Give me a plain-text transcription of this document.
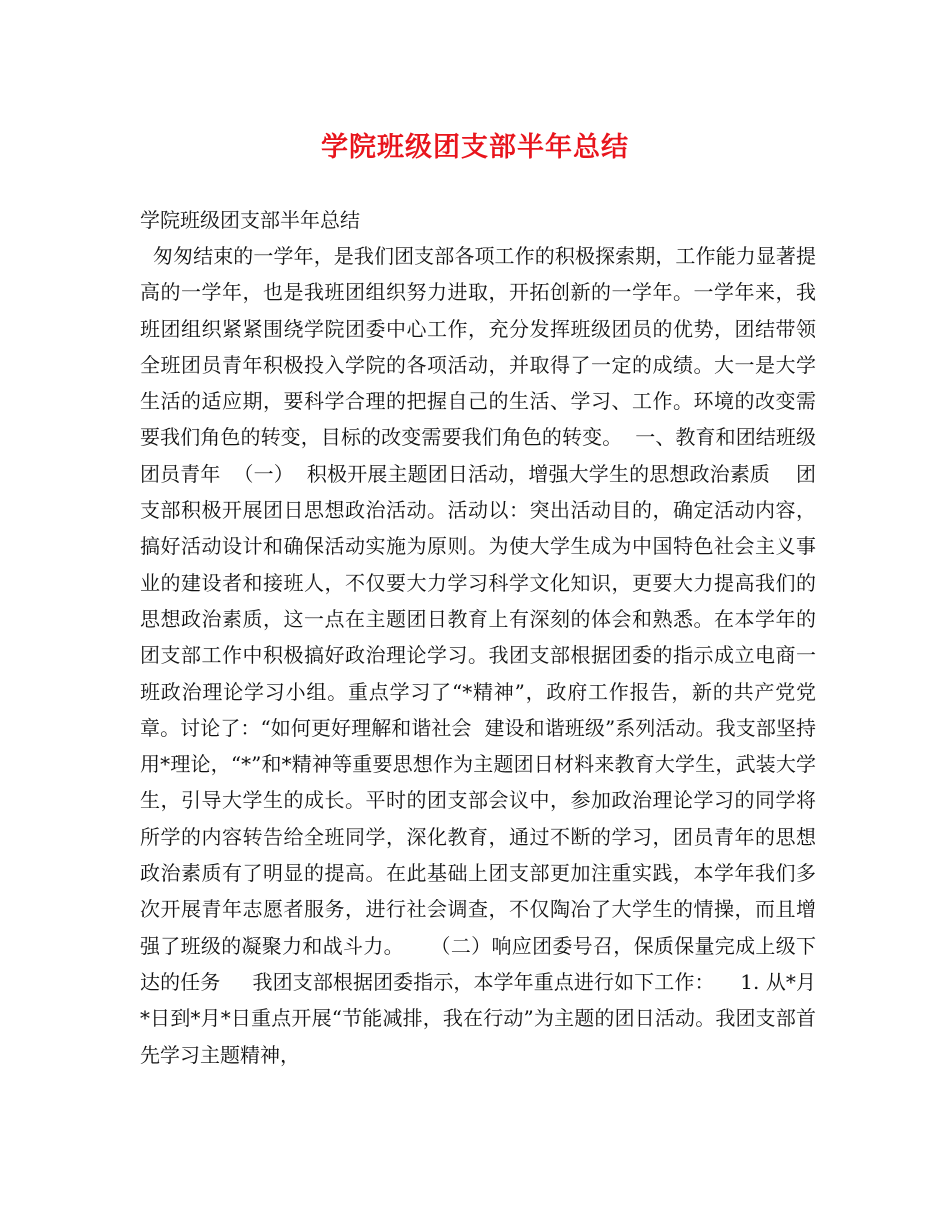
学院班级团支部半年总结
学院班级团支部半年总结
匆匆结束的一学年，是我们团支部各项工作的积极探索期，工作能力显著提高的一学年，也是我班团组织努力进取，开拓创新的一学年。一学年来，我班团组织紧紧围绕学院团委中心工作，充分发挥班级团员的优势，团结带领全班团员青年积极投入学院的各项活动，并取得了一定的成绩。大一是大学生活的适应期，要科学合理的把握自己的生活、学习、工作。环境的改变需要我们角色的转变，目标的改变需要我们角色的转变。  一、教育和团结班级团员青年  （一）  积极开展主题团日活动，增强大学生的思想政治素质    团支部积极开展团日思想政治活动。活动以：突出活动目的，确定活动内容，搞好活动设计和确保活动实施为原则。为使大学生成为中国特色社会主义事业的建设者和接班人，不仅要大力学习科学文化知识，更要大力提高我们的思想政治素质，这一点在主题团日教育上有深刻的体会和熟悉。在本学年的团支部工作中积极搞好政治理论学习。我团支部根据团委的指示成立电商一班政治理论学习小组。重点学习了“*精神”，政府工作报告，新的共产党党章。讨论了：“如何更好理解和谐社会  建设和谐班级”系列活动。我支部坚持用*理论，“*”和*精神等重要思想作为主题团日材料来教育大学生，武装大学生，引导大学生的成长。平时的团支部会议中，参加政治理论学习的同学将所学的内容转告给全班同学，深化教育，通过不断的学习，团员青年的思想政治素质有了明显的提高。在此基础上团支部更加注重实践，本学年我们多次开展青年志愿者服务，进行社会调查，不仅陶冶了大学生的情操，而且增强了班级的凝聚力和战斗力。    （二）响应团委号召，保质保量完成上级下达的任务     我团支部根据团委指示，本学年重点进行如下工作：    1. 从*月*日到*月*日重点开展“节能减排，我在行动”为主题的团日活动。我团支部首先学习主题精神，
